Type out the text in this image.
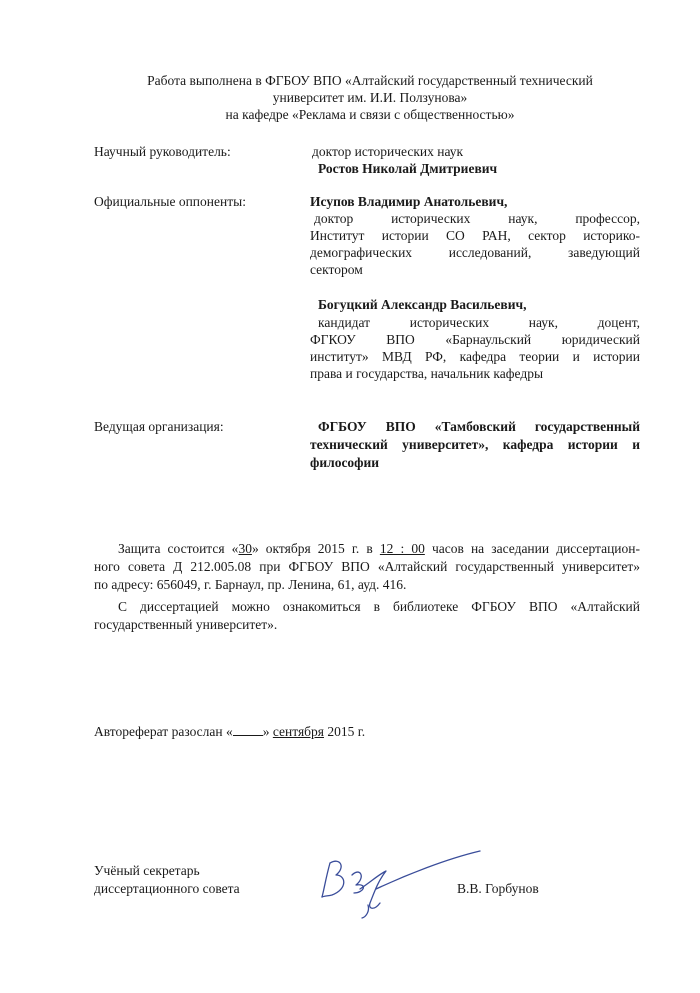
Работа выполнена в ФГБОУ ВПО «Алтайский государственный технический
университет им. И.И. Ползунова»
на кафедре «Реклама и связи с общественностью»
Научный руководитель:	доктор исторических наук
Ростов Николай Дмитриевич
Официальные оппоненты:	Исупов Владимир Анатольевич,
доктор исторических наук, профессор,
Институт истории СО РАН, сектор историко-
демографических исследований, заведующий
сектором
Богуцкий Александр Васильевич,
кандидат исторических наук, доцент,
ФГКОУ ВПО «Барнаульский юридический
институт» МВД РФ, кафедра теории и истории
права и государства, начальник кафедры
Ведущая организация:	ФГБОУ ВПО «Тамбовский государственный
технический университет», кафедра истории и
философии
Защита состоится «30» октября 2015 г. в 12 : 00 часов на заседании диссертацион-
ного совета Д 212.005.08 при ФГБОУ ВПО «Алтайский государственный университет»
по адресу: 656049, г. Барнаул, пр. Ленина, 61, ауд. 416.
С диссертацией можно ознакомиться в библиотеке ФГБОУ ВПО «Алтайский
государственный университет».
Автореферат разослан « » сентября 2015 г.
Учёный секретарь
диссертационного совета	В.В. Горбунов
